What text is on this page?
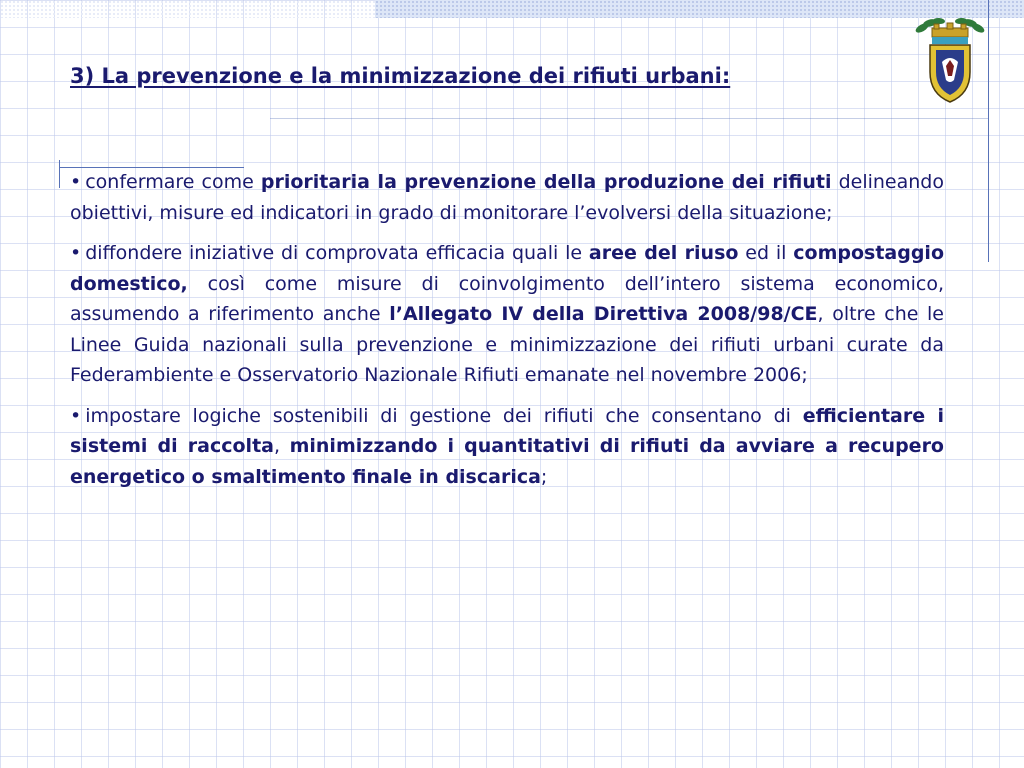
3) La prevenzione e la minimizzazione dei rifiuti urbani:

• confermare come prioritaria la prevenzione della produzione dei rifiuti delineando obiettivi, misure ed indicatori in grado di monitorare l’evolversi della situazione;

• diffondere iniziative di comprovata efficacia quali le aree del riuso ed il compostaggio domestico, così come misure di coinvolgimento dell’intero sistema economico, assumendo a riferimento anche l’Allegato IV della Direttiva 2008/98/CE, oltre che le Linee Guida nazionali sulla prevenzione e minimizzazione dei rifiuti urbani curate da Federambiente e Osservatorio Nazionale Rifiuti emanate nel novembre 2006;

• impostare logiche sostenibili di gestione dei rifiuti che consentano di efficientare i sistemi di raccolta, minimizzando i quantitativi di rifiuti da avviare a recupero energetico o smaltimento finale in discarica;
